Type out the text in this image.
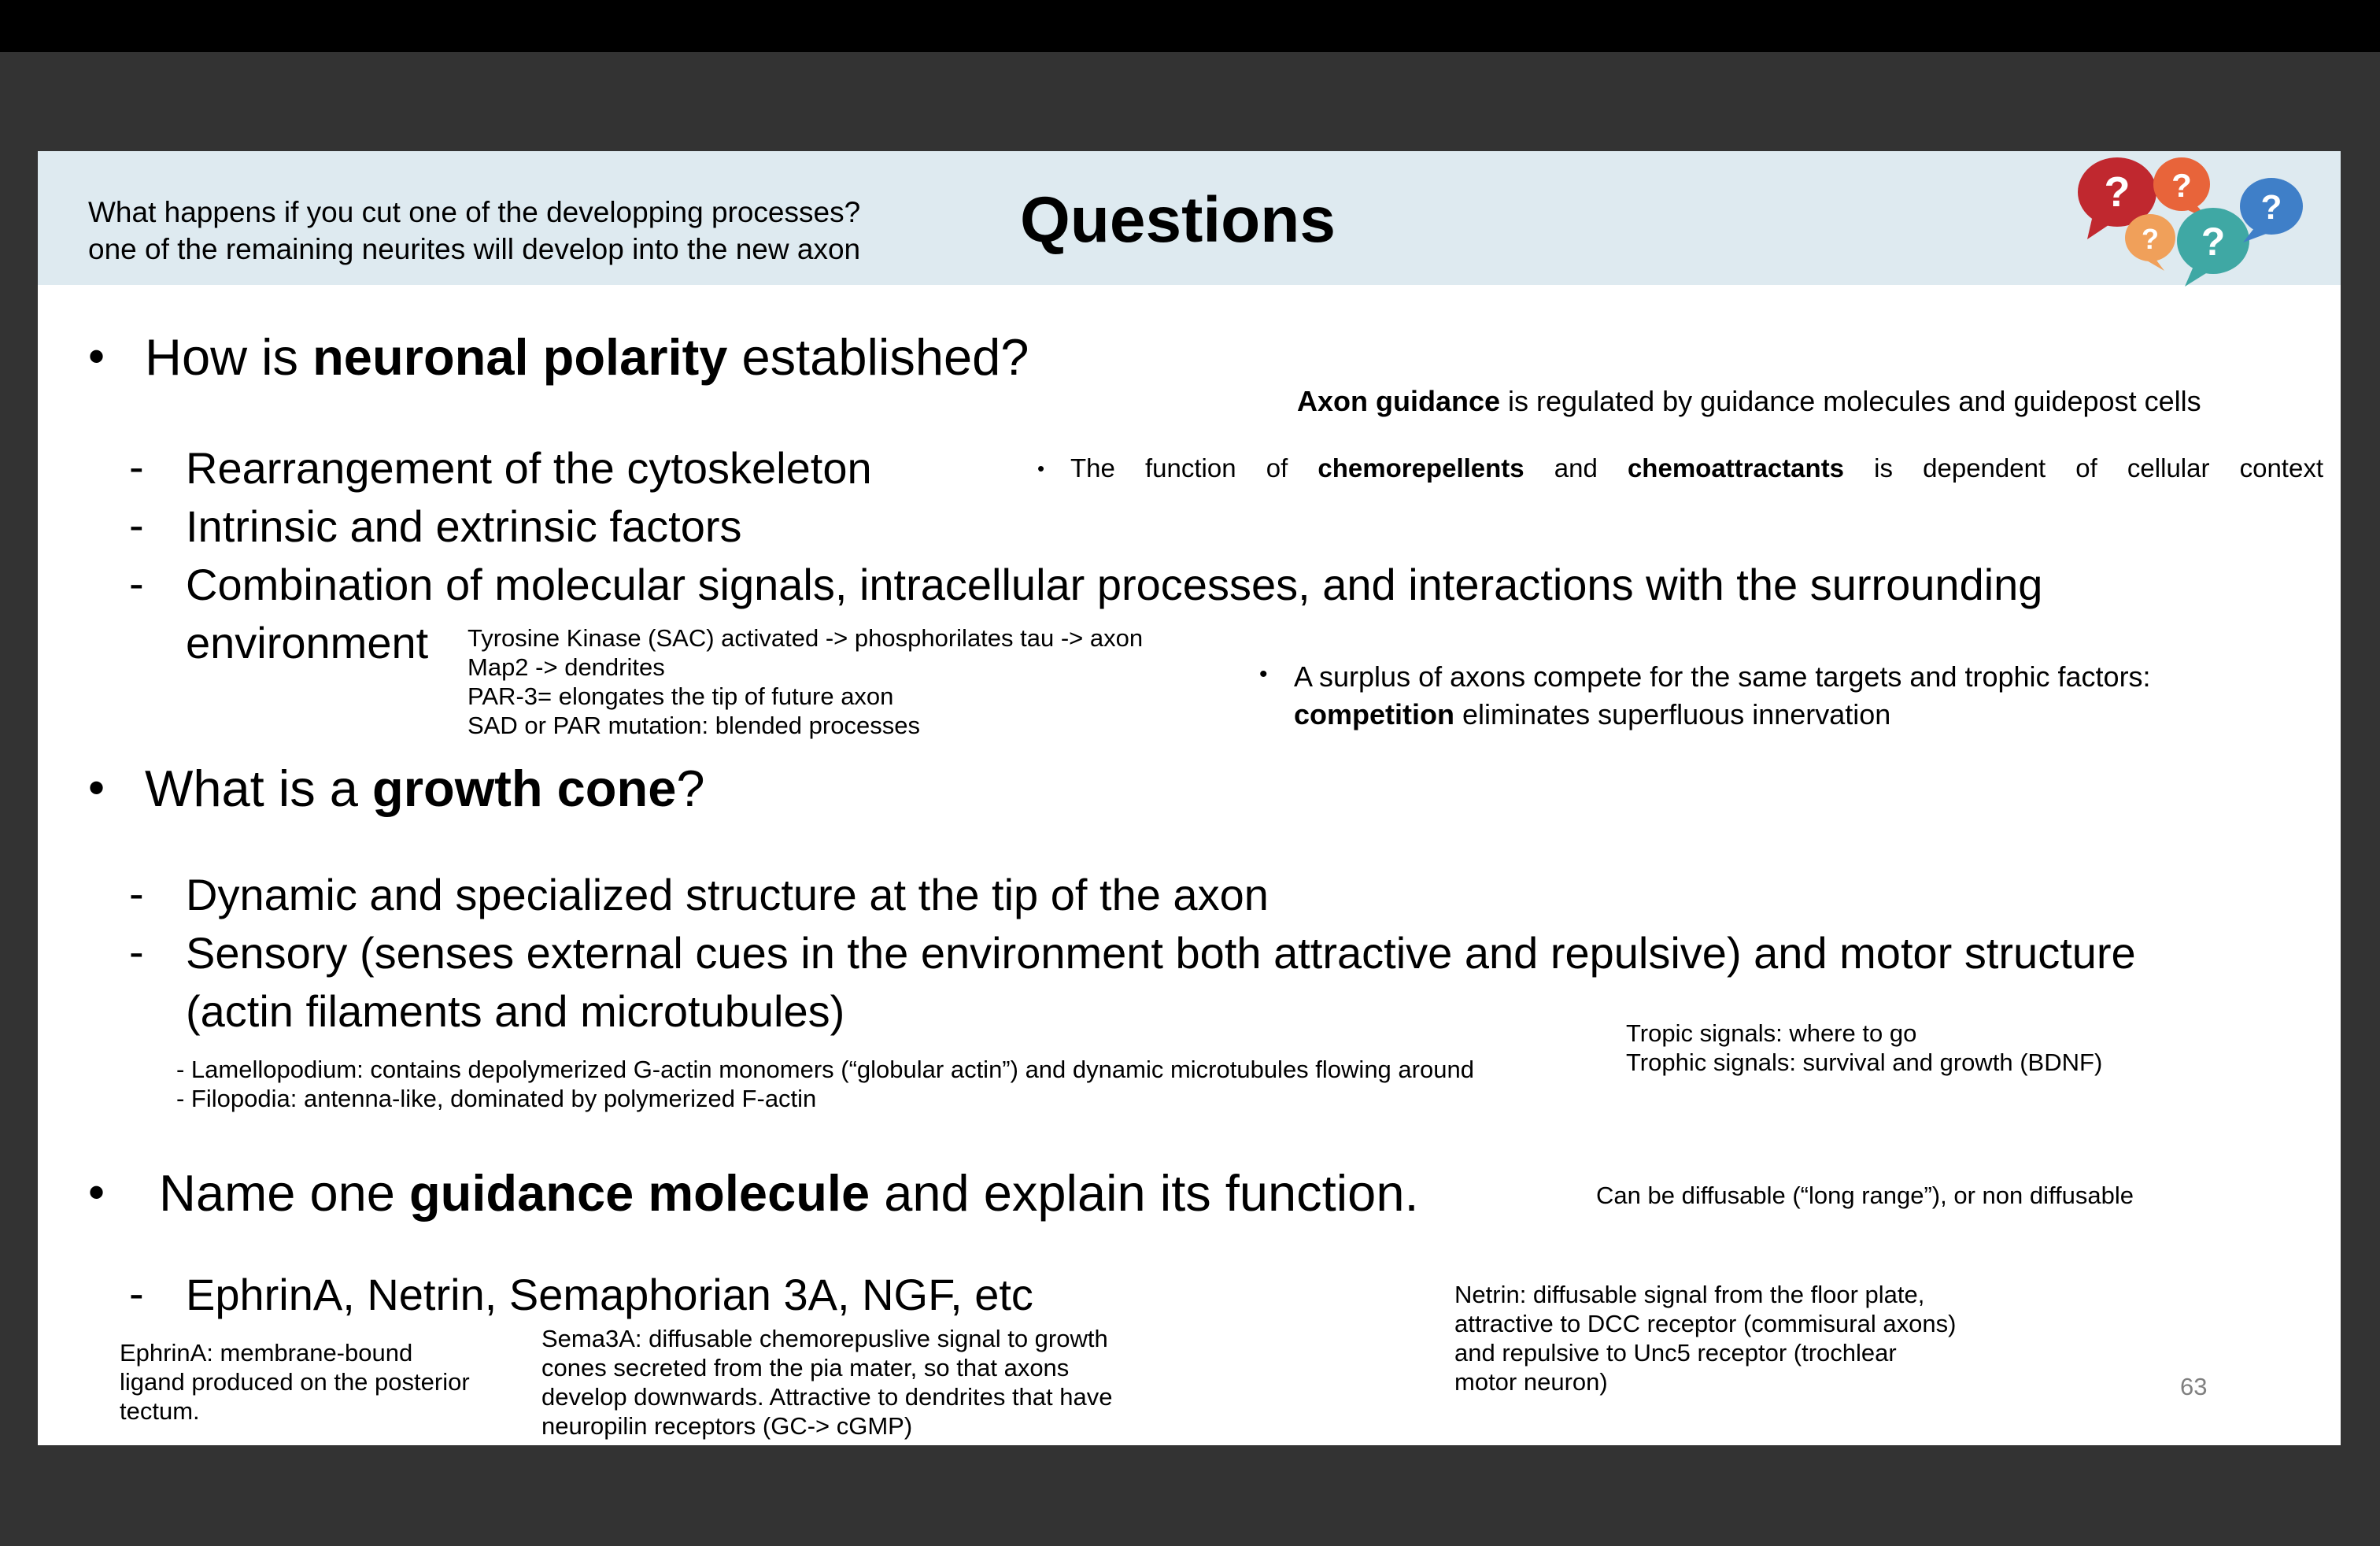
What happens if you cut one of the developping processes?
one of the remaining neurites will develop into the new axon Questions	? ?
? ?
?
• How is neuronal polarity established?
- Rearrangement of the cytoskeleton
- Intrinsic and extrinsic factors
- Combination of molecular signals, intracellular processes, and interactions with the surrounding
environment Tyrosine Kinase (SAC) activated -> phosphorilates tau -> axon
Map2 -> dendrites
PAR-3= elongates the tip of future axon
SAD or PAR mutation: blended processes
Axon guidance is regulated by guidance molecules and guidepost cells
• The function of chemorepellents and chemoattractants is dependent of cellular context
• A surplus of axons compete for the same targets and trophic factors:
competition eliminates superfluous innervation
• What is a growth cone?
- Dynamic and specialized structure at the tip of the axon
- Sensory (senses external cues in the environment both attractive and repulsive) and motor structure
(actin filaments and microtubules)
- Lamellopodium: contains depolymerized G-actin monomers (“globular actin”) and dynamic microtubules flowing around
- Filopodia: antenna-like, dominated by polymerized F-actin
Tropic signals: where to go
Trophic signals: survival and growth (BDNF)
• Name one guidance molecule and explain its function.	Can be diffusable (“long range”), or non diffusable
- EphrinA, Netrin, Semaphorian 3A, NGF, etc
EphrinA: membrane-bound
ligand produced on the posterior
tectum.
Sema3A: diffusable chemorepuslive signal to growth
cones secreted from the pia mater, so that axons
develop downwards. Attractive to dendrites that have
neuropilin receptors (GC-> cGMP)
Netrin: diffusable signal from the floor plate,
attractive to DCC receptor (commisural axons)
and repulsive to Unc5 receptor (trochlear
motor neuron)	63
